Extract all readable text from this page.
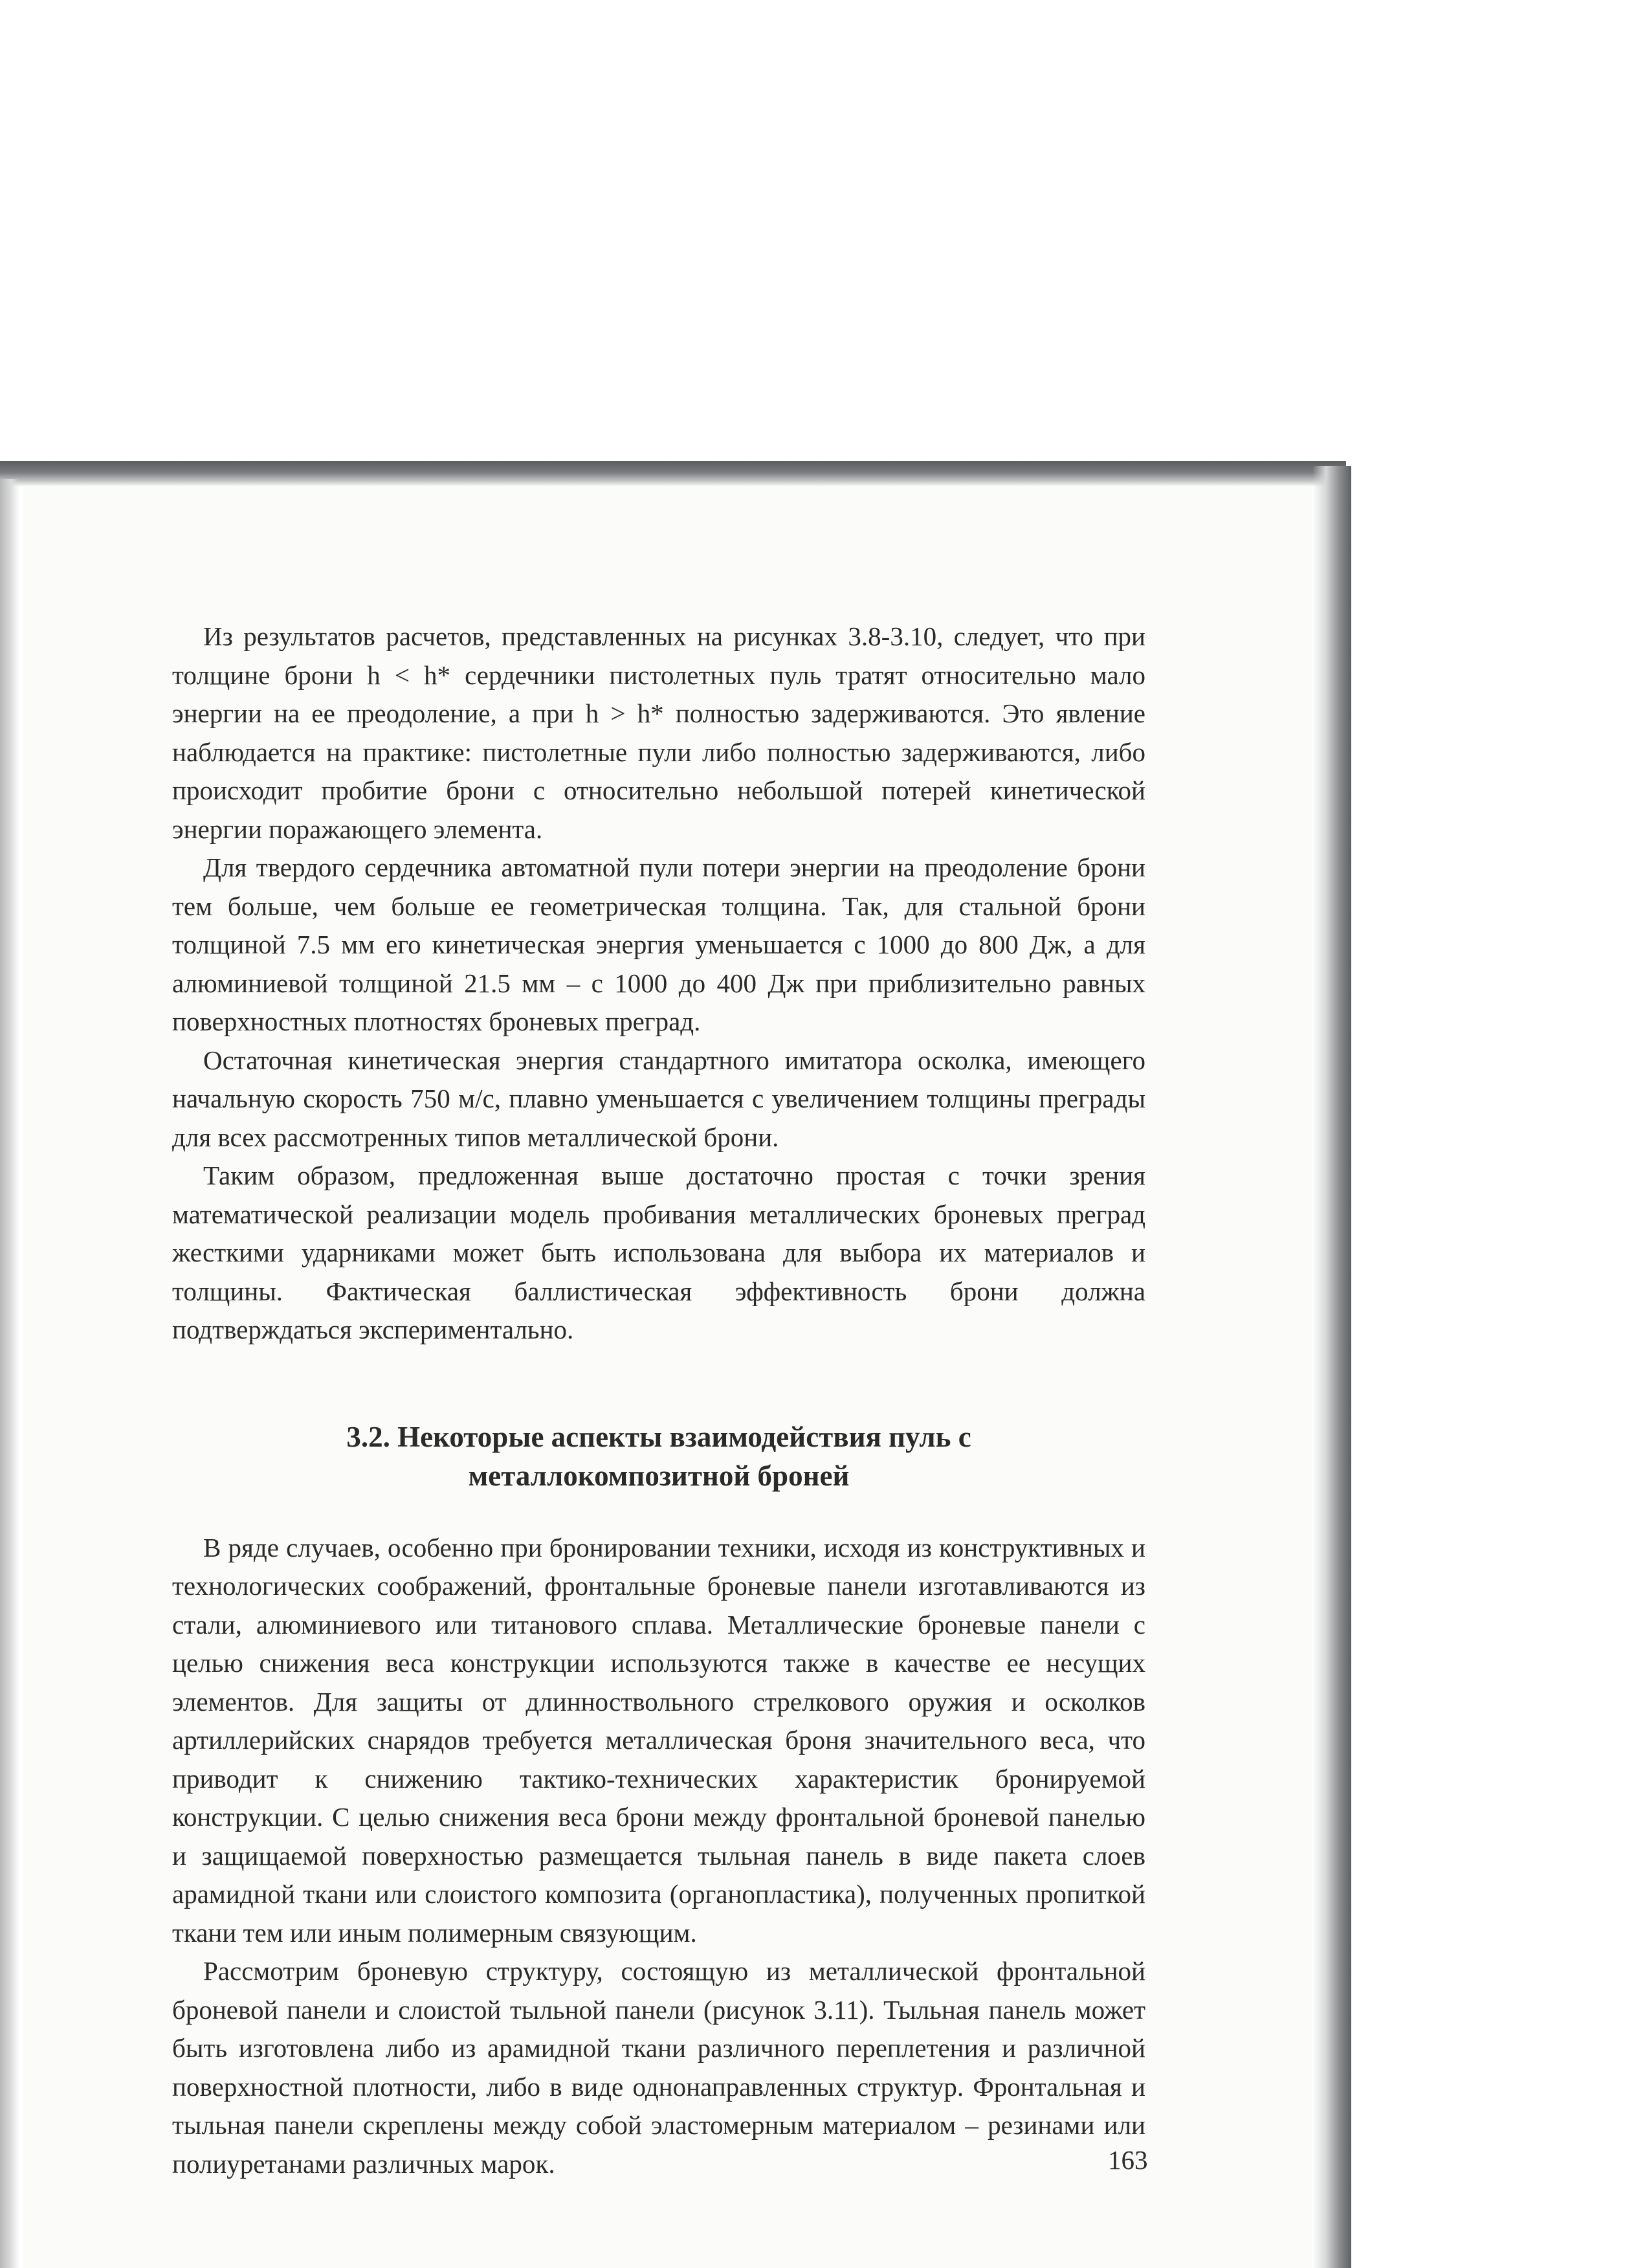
Из результатов расчетов, представленных на рисунках 3.8-3.10, следует, что при толщине брони h < h* сердечники пистолетных пуль тратят относительно мало энергии на ее преодоление, а при h > h* полностью задерживаются. Это явление наблюдается на практике: пистолетные пули либо полностью задерживаются, либо происходит пробитие брони с относительно небольшой потерей кинетической энергии поражающего элемента.

Для твердого сердечника автоматной пули потери энергии на преодоление брони тем больше, чем больше ее геометрическая толщина. Так, для стальной брони толщиной 7.5 мм его кинетическая энергия уменьшается с 1000 до 800 Дж, а для алюминиевой толщиной 21.5 мм – с 1000 до 400 Дж при приблизительно равных поверхностных плотностях броневых преград.

Остаточная кинетическая энергия стандартного имитатора осколка, имеющего начальную скорость 750 м/с, плавно уменьшается с увеличением толщины преграды для всех рассмотренных типов металлической брони.

Таким образом, предложенная выше достаточно простая с точки зрения математической реализации модель пробивания металлических броневых преград жесткими ударниками может быть использована для выбора их материалов и толщины. Фактическая баллистическая эффективность брони должна подтверждаться экспериментально.

3.2. Некоторые аспекты взаимодействия пуль с
металлокомпозитной броней

В ряде случаев, особенно при бронировании техники, исходя из конструктивных и технологических соображений, фронтальные броневые панели изготавливаются из стали, алюминиевого или титанового сплава. Металлические броневые панели с целью снижения веса конструкции используются также в качестве ее несущих элементов. Для защиты от длинноствольного стрелкового оружия и осколков артиллерийских снарядов требуется металлическая броня значительного веса, что приводит к снижению тактико-технических характеристик бронируемой конструкции. С целью снижения веса брони между фронтальной броневой панелью и защищаемой поверхностью размещается тыльная панель в виде пакета слоев арамидной ткани или слоистого композита (органопластика), полученных пропиткой ткани тем или иным полимерным связующим.

Рассмотрим броневую структуру, состоящую из металлической фронтальной броневой панели и слоистой тыльной панели (рисунок 3.11). Тыльная панель может быть изготовлена либо из арамидной ткани различного переплетения и различной поверхностной плотности, либо в виде однонаправленных структур. Фронтальная и тыльная панели скреплены между собой эластомерным материалом – резинами или полиуретанами различных марок.	163
